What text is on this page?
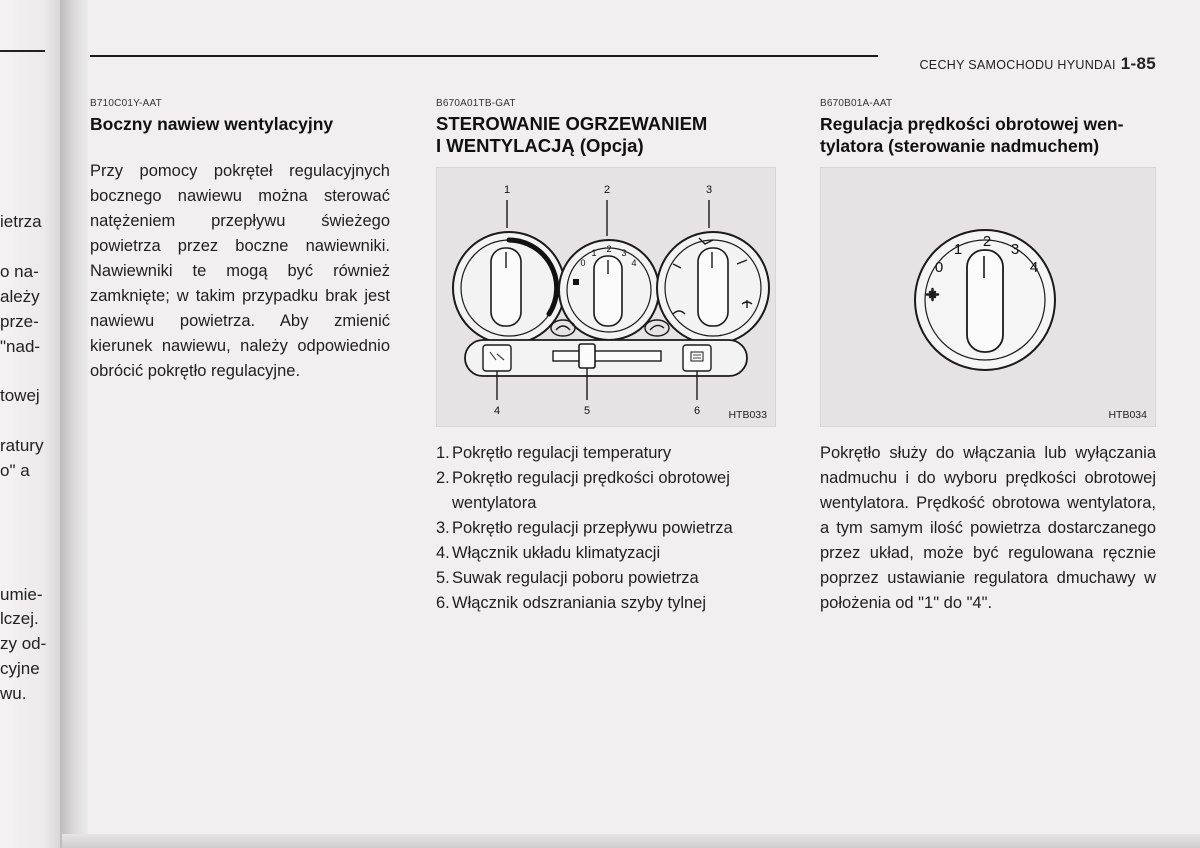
ietrza
o na-
ależy
prze-
"nad-
towej
ratury
o" a
umie-
lczej.
zy od-
cyjne
wu.
CECHY SAMOCHODU HYUNDAI 1-85
B710C01Y-AAT
Boczny nawiew wentylacyjny

Przy pomocy pokręteł regulacyjnych bocznego nawiewu można sterować natężeniem przepływu świeżego powietrza przez boczne nawiewniki. Nawiewniki te mogą być również zamknięte; w takim przypadku brak jest nawiewu powietrza. Aby zmienić kierunek nawiewu, należy odpowiednio obrócić pokrętło regulacyjne.

B670A01TB-GAT
STEROWANIE OGRZEWANIEM
I WENTYLACJĄ (Opcja)
1	2	3
4	5	6
0
1 2 3
4
HTB033
1. Pokrętło regulacji temperatury
2. Pokrętło regulacji prędkości obrotowej wentylatora
3. Pokrętło regulacji przepływu powietrza
4. Włącznik układu klimatyzacji
5. Suwak regulacji poboru powietrza
6. Włącznik odszraniania szyby tylnej
B670B01A-AAT
Regulacja prędkości obrotowej wen-
tylatora (sterowanie nadmuchem)
0
1 2 3
4
HTB034

Pokrętło służy do włączania lub wyłączania nadmuchu i do wyboru prędkości obrotowej wentylatora. Prędkość obrotowa wentylatora, a tym samym ilość powietrza dostarczanego przez układ, może być regulowana ręcznie poprzez ustawianie regulatora dmuchawy w położenia od "1" do "4".
